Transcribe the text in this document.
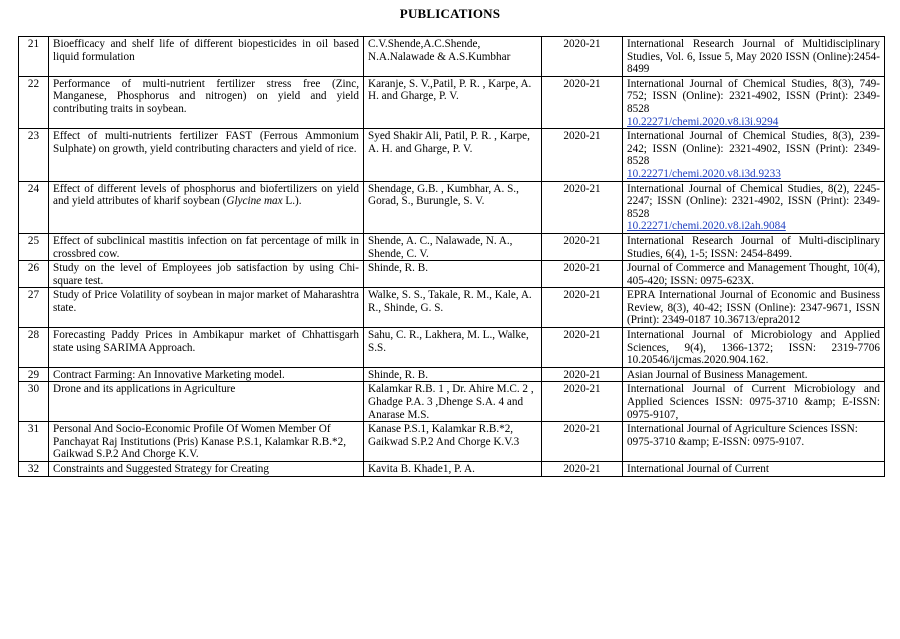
PUBLICATIONS
21	Bioefficacy and shelf life of different biopesticides in oil based liquid formulation	C.V.Shende,A.C.Shende, N.A.Nalawade & A.S.Kumbhar	2020-21	International Research Journal of Multidisciplinary Studies, Vol. 6, Issue 5, May 2020 ISSN (Online):2454-8499
22	Performance of multi-nutrient fertilizer stress free (Zinc, Manganese, Phosphorus and nitrogen) on yield and yield contributing traits in soybean.	Karanje, S. V.,Patil, P. R. , Karpe, A. H. and Gharge, P. V.	2020-21	International Journal of Chemical Studies, 8(3), 749-752; ISSN (Online): 2321-4902, ISSN (Print): 2349-8528
10.22271/chemi.2020.v8.i3i.9294

23	Effect of multi-nutrients fertilizer FAST (Ferrous Ammonium Sulphate) on growth, yield contributing characters and yield of rice.	Syed Shakir Ali, Patil, P. R. , Karpe, A. H. and Gharge, P. V.	2020-21	International Journal of Chemical Studies, 8(3), 239-242; ISSN (Online): 2321-4902, ISSN (Print): 2349-8528
10.22271/chemi.2020.v8.i3d.9233

24	Effect of different levels of phosphorus and biofertilizers on yield and yield attributes of kharif soybean (Glycine max L.).	Shendage, G.B. , Kumbhar, A. S., Gorad, S., Burungle, S. V.	2020-21	International Journal of Chemical Studies, 8(2), 2245-2247; ISSN (Online): 2321-4902, ISSN (Print): 2349-8528
10.22271/chemi.2020.v8.i2ah.9084

25	Effect of subclinical mastitis infection on fat percentage of milk in crossbred cow.	Shende, A. C., Nalawade, N. A., Shende, C. V.	2020-21	International Research Journal of Multi-disciplinary Studies, 6(4), 1-5; ISSN: 2454-8499.
26	Study on the level of Employees job satisfaction by using Chi-square test.	Shinde, R. B.	2020-21	Journal of Commerce and Management Thought, 10(4), 405-420; ISSN: 0975-623X.
27	Study of Price Volatility of soybean in major market of Maharashtra state.	Walke, S. S., Takale, R. M., Kale, A. R., Shinde, G. S.	2020-21	EPRA International Journal of Economic and Business Review, 8(3), 40-42; ISSN (Online): 2347-9671, ISSN (Print): 2349-0187 10.36713/epra2012
28	Forecasting Paddy Prices in Ambikapur market of Chhattisgarh state using SARIMA Approach.	Sahu, C. R., Lakhera, M. L., Walke, S.S.	2020-21	International Journal of Microbiology and Applied Sciences, 9(4), 1366-1372; ISSN: 2319-7706 10.20546/ijcmas.2020.904.162.
29	Contract Farming: An Innovative Marketing model.	Shinde, R. B.	2020-21	Asian Journal of Business Management.
30	Drone and its applications in Agriculture	Kalamkar R.B. 1 , Dr. Ahire M.C. 2 , Ghadge P.A. 3 ,Dhenge S.A. 4 and Anarase M.S.	2020-21	International Journal of Current Microbiology and Applied Sciences ISSN: 0975-3710 &amp; E-ISSN: 0975-9107,
31	Personal And Socio-Economic Profile Of Women Member Of Panchayat Raj Institutions (Pris) Kanase P.S.1, Kalamkar R.B.*2, Gaikwad S.P.2 And Chorge K.V.	Kanase P.S.1, Kalamkar R.B.*2, Gaikwad S.P.2 And Chorge K.V.3	2020-21	International Journal of Agriculture Sciences ISSN: 0975-3710 &amp; E-ISSN: 0975-9107.
32	Constraints and Suggested Strategy for Creating	Kavita B. Khade1, P. A.	2020-21	International Journal of Current
